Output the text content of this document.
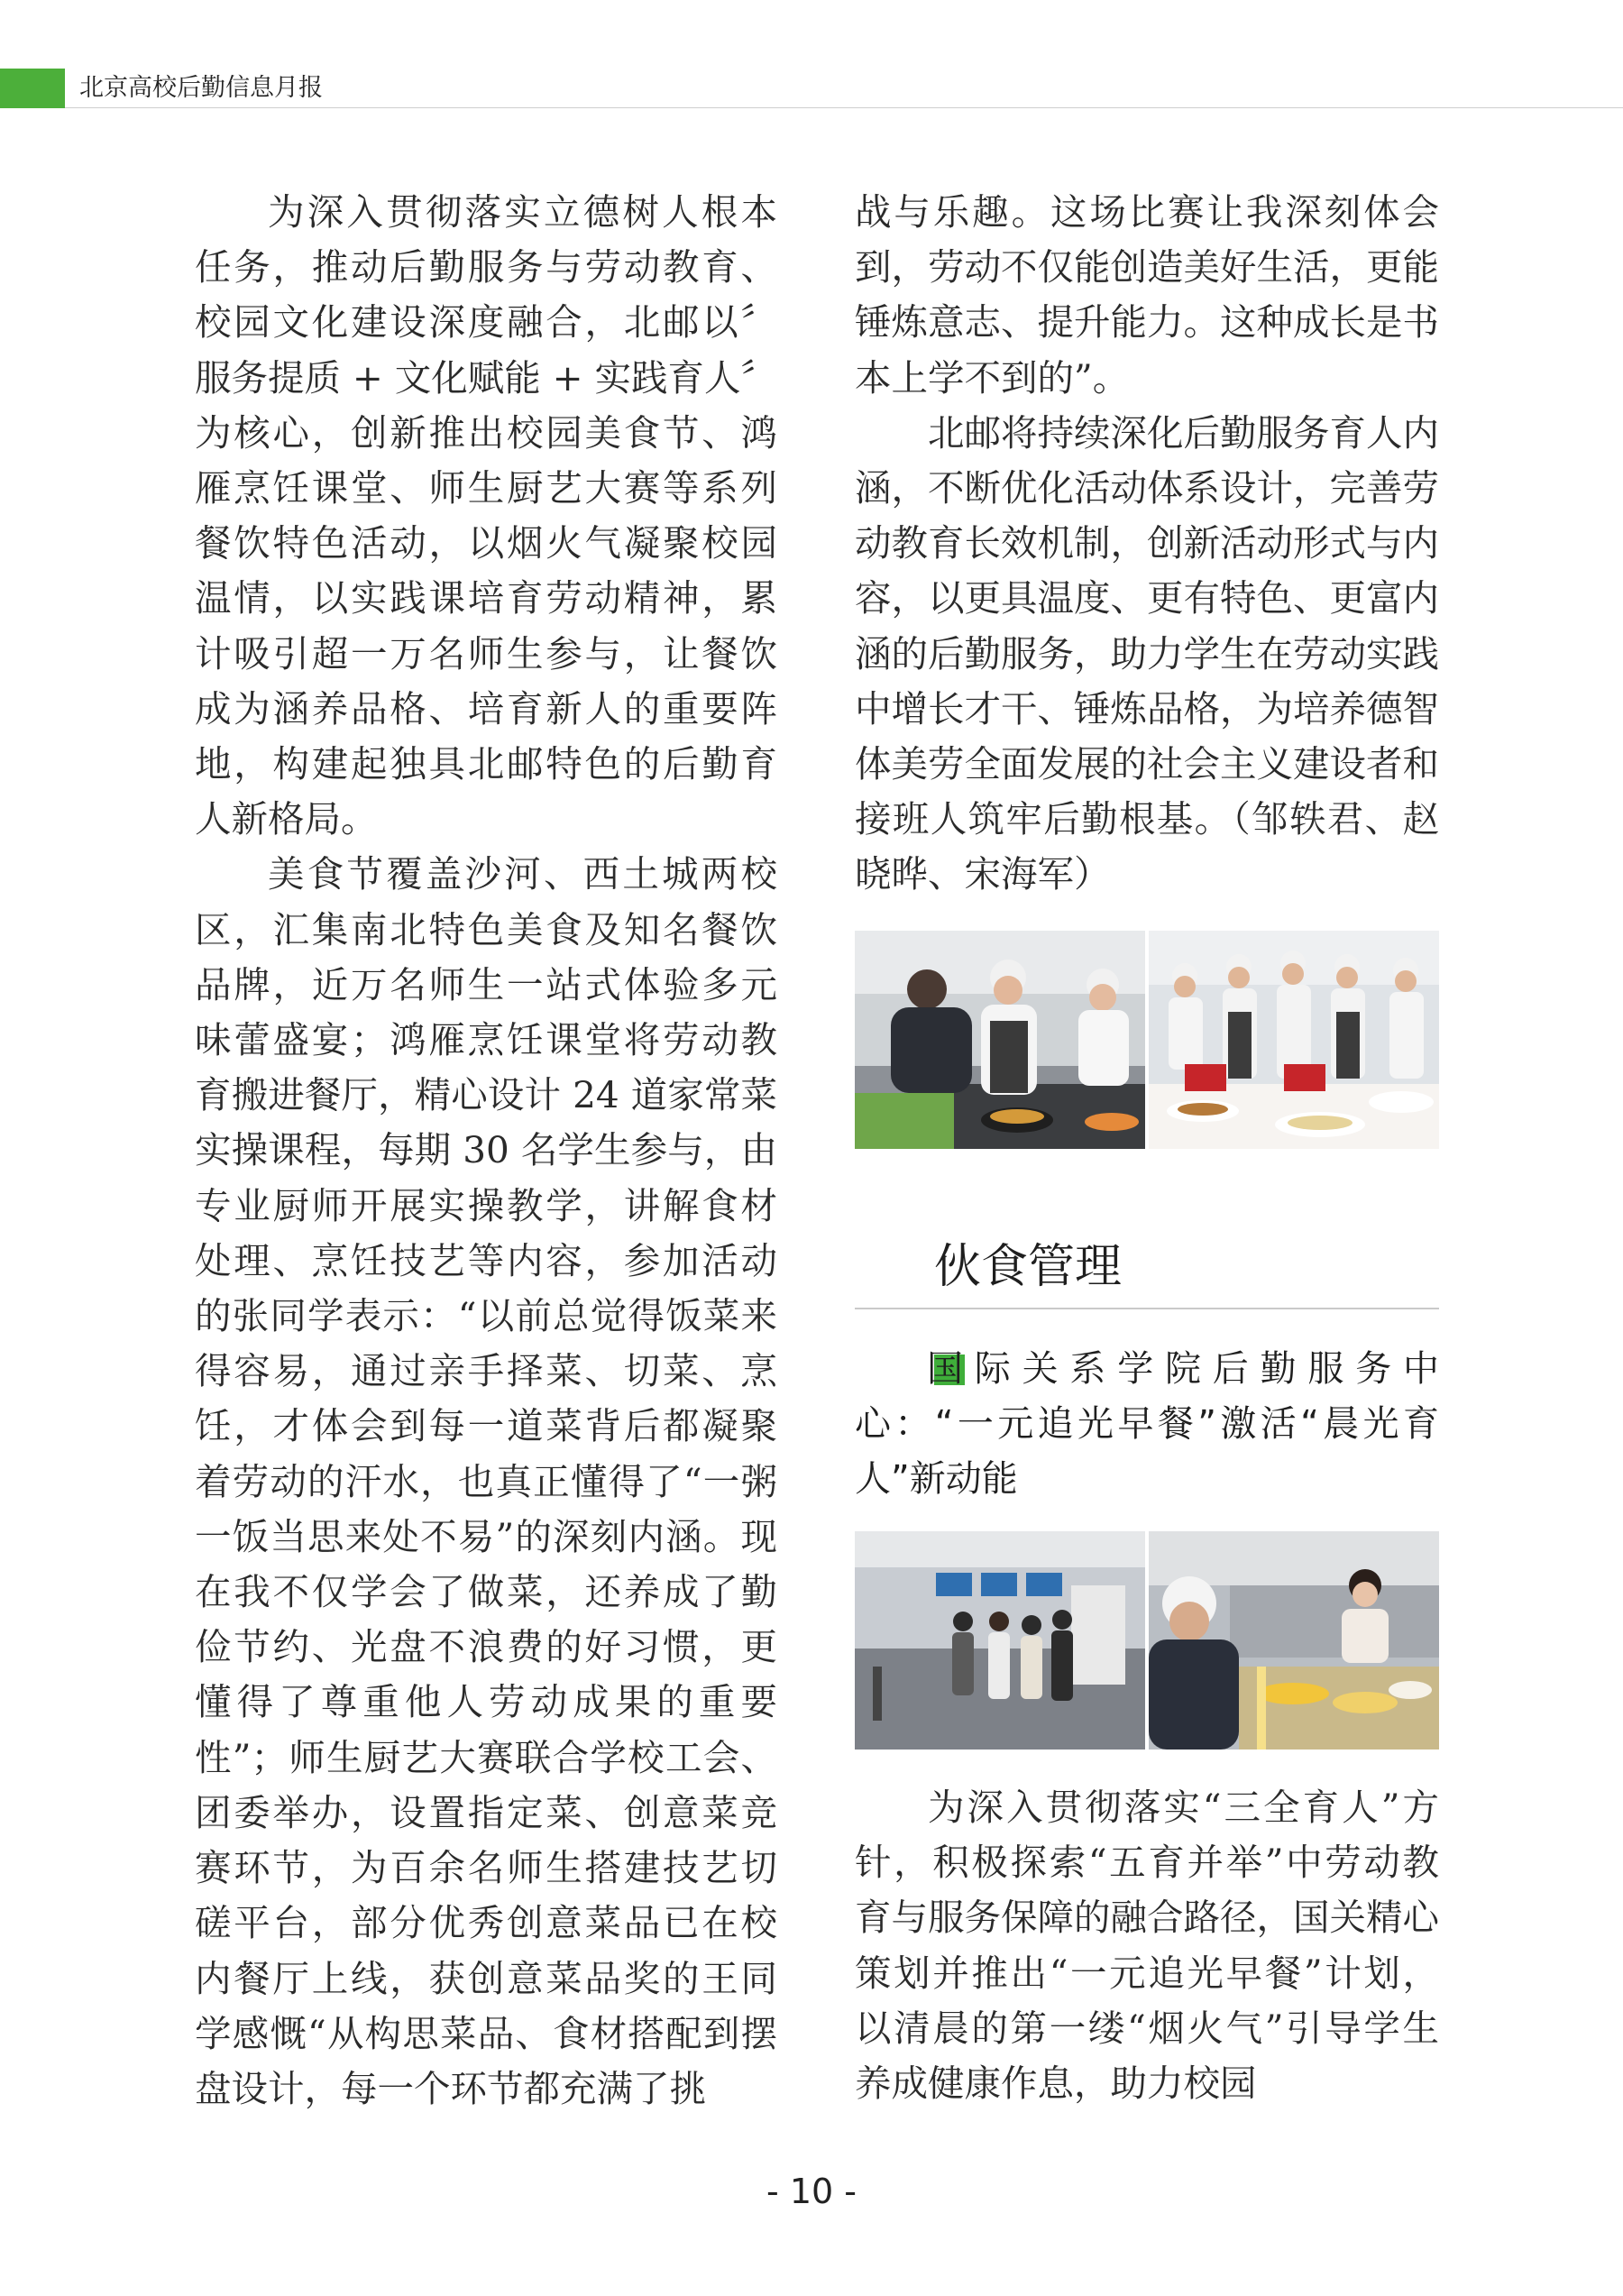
北京高校后勤信息月报

为深入贯彻落实立德树人根本任务，推动后勤服务与劳动教育、校园文化建设深度融合，北邮以〞服务提质 + 文化赋能 + 实践育人〞为核心，创新推出校园美食节、鸿雁烹饪课堂、师生厨艺大赛等系列餐饮特色活动，以烟火气凝聚校园温情，以实践课培育劳动精神，累计吸引超一万名师生参与，让餐饮成为涵养品格、培育新人的重要阵地，构建起独具北邮特色的后勤育人新格局。

美食节覆盖沙河、西土城两校区，汇集南北特色美食及知名餐饮品牌，近万名师生一站式体验多元味蕾盛宴；鸿雁烹饪课堂将劳动教育搬进餐厅，精心设计 24 道家常菜实操课程，每期 30 名学生参与，由专业厨师开展实操教学，讲解食材处理、烹饪技艺等内容，参加活动的张同学表示：“以前总觉得饭菜来得容易，通过亲手择菜、切菜、烹饪，才体会到每一道菜背后都凝聚着劳动的汗水，也真正懂得了“一粥一饭当思来处不易”的深刻内涵。现在我不仅学会了做菜，还养成了勤俭节约、光盘不浪费的好习惯，更懂得了尊重他人劳动成果的重要性”；师生厨艺大赛联合学校工会、团委举办，设置指定菜、创意菜竞赛环节，为百余名师生搭建技艺切磋平台，部分优秀创意菜品已在校内餐厅上线，获创意菜品奖的王同学感慨“从构思菜品、食材搭配到摆盘设计，每一个环节都充满了挑

战与乐趣。这场比赛让我深刻体会到，劳动不仅能创造美好生活，更能锤炼意志、提升能力。这种成长是书本上学不到的”。

北邮将持续深化后勤服务育人内涵，不断优化活动体系设计，完善劳动教育长效机制，创新活动形式与内容，以更具温度、更有特色、更富内涵的后勤服务，助力学生在劳动实践中增长才干、锤炼品格，为培养德智体美劳全面发展的社会主义建设者和接班人筑牢后勤根基。（邹轶君、赵晓晔、宋海军）

伙食管理
国际关系学院后勤服务中心：“一元追光早餐”激活“晨光育人”新动能

为深入贯彻落实“三全育人”方针，积极探索“五育并举”中劳动教育与服务保障的融合路径，国关精心策划并推出“一元追光早餐”计划，以清晨的第一缕“烟火气”引导学生养成健康作息，助力校园

- 10 -
